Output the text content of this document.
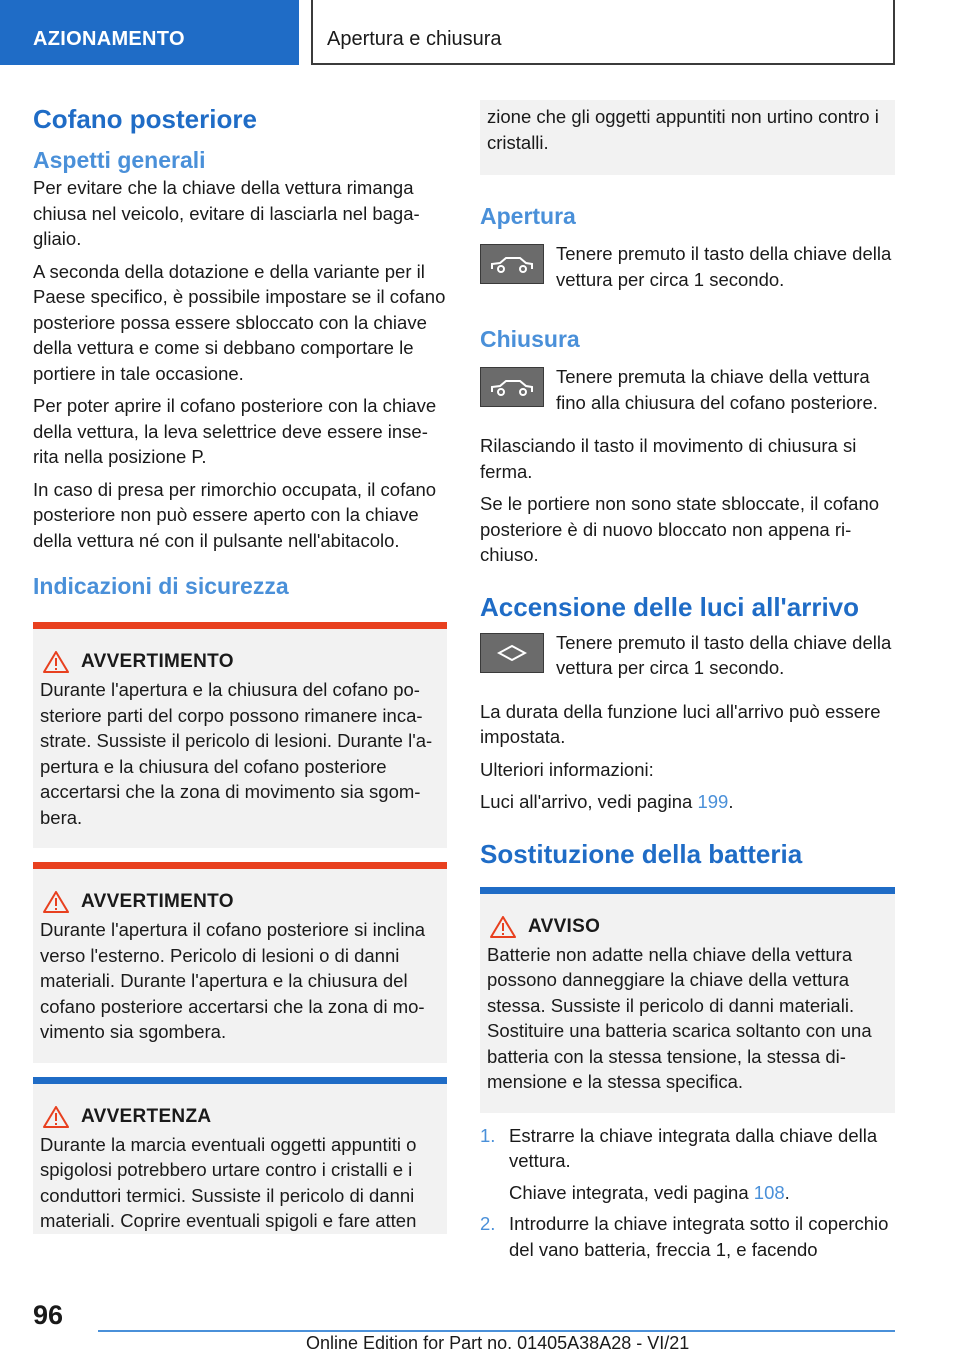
AZIONAMENTO	Apertura e chiusura
Cofano posteriore
Aspetti generali

Per evitare che la chiave della vettura rimanga chiusa nel veicolo, evitare di lasciarla nel bagagliaio.

A seconda della dotazione e della variante per il Paese specifico, è possibile impostare se il cofano posteriore possa essere sbloccato con la chiave della vettura e come si debbano comportare le portiere in tale occasione.

Per poter aprire il cofano posteriore con la chiave della vettura, la leva selettrice deve essere inserita nella posizione P.

In caso di presa per rimorchio occupata, il cofano posteriore non può essere aperto con la chiave della vettura né con il pulsante nell'abitacolo.

Indicazioni di sicurezza
AVVERTIMENTO

Durante l'apertura e la chiusura del cofano posteriore parti del corpo possono rimanere incastrate. Sussiste il pericolo di lesioni. Durante l'apertura e la chiusura del cofano posteriore accertarsi che la zona di movimento sia sgombera.

AVVERTIMENTO

Durante l'apertura il cofano posteriore si inclina verso l'esterno. Pericolo di lesioni o di danni materiali. Durante l'apertura e la chiusura del cofano posteriore accertarsi che la zona di movimento sia sgombera.

AVVERTENZA

Durante la marcia eventuali oggetti appuntiti o spigolosi potrebbero urtare contro i cristalli e i conduttori termici. Sussiste il pericolo di danni materiali. Coprire eventuali spigoli e fare atten

zione che gli oggetti appuntiti non urtino contro i cristalli.

Apertura

Tenere premuto il tasto della chiave della vettura per circa 1 secondo.

Chiusura

Tenere premuta la chiave della vettura fino alla chiusura del cofano posteriore.

Rilasciando il tasto il movimento di chiusura si ferma.

Se le portiere non sono state sbloccate, il cofano posteriore è di nuovo bloccato non appena richiuso.

Accensione delle luci all'arrivo

Tenere premuto il tasto della chiave della vettura per circa 1 secondo.

La durata della funzione luci all'arrivo può essere impostata.

Ulteriori informazioni:

Luci all'arrivo, vedi pagina 199.

Sostituzione della batteria
AVVISO

Batterie non adatte nella chiave della vettura possono danneggiare la chiave della vettura stessa. Sussiste il pericolo di danni materiali. Sostituire una batteria scarica soltanto con una batteria con la stessa tensione, la stessa dimensione e la stessa specifica.

1. Estrarre la chiave integrata dalla chiave della vettura.
Chiave integrata, vedi pagina 108.
2. Introdurre la chiave integrata sotto il coperchio del vano batteria, freccia 1, e facendo
96
Online Edition for Part no. 01405A38A28 - VI/21
